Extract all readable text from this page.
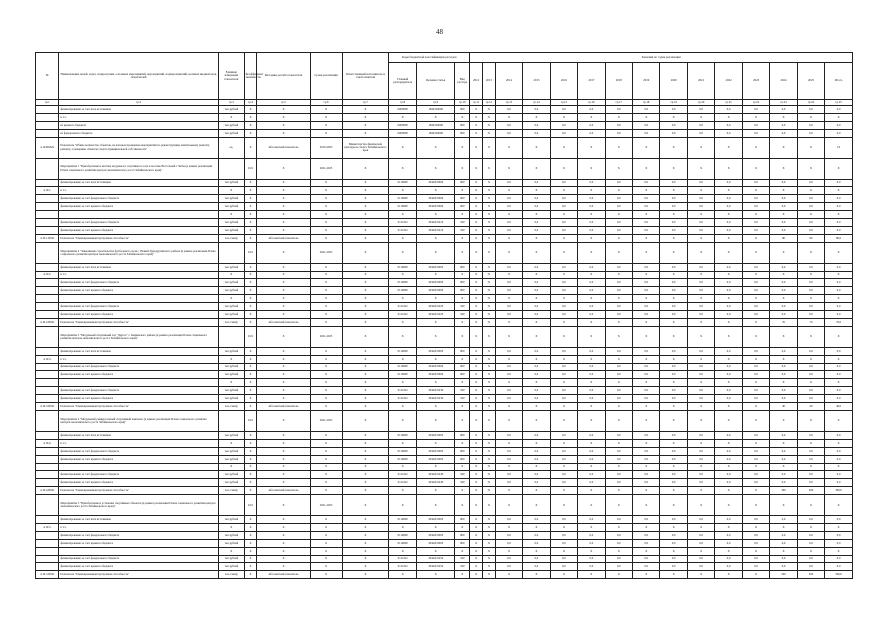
48
№	Наименование целей, задач, подпрограмм, основных мероприятий, мероприятий, подмероприятий, целевых индикаторов, показателей	Единица измерения показателя	Коэффициент значимости	Методика расчёта показателя	Сроки реализации	Ответственный исполнитель и соисполнители	Коды бюджетной классификации расходов			Значения по годам реализации														
							Главный распорядитель	Целевая статья	Вид расхода	2012	2013	2014	2015	2016	2017	2018	2019	2020	2021	2022	2023	2024	2025	Итого
гр.1	гр.2	гр.3	гр.4	гр.5	гр.6	гр.7	гр.8	гр.9	гр.10	гр.11	гр.12	гр.13	гр.14	гр.15	гр.16	гр.17	гр.18	гр.19	гр.20	гр.21	гр.22	гр.23	гр.24	гр.25
	финансирование за счет всех источников	тыс.рублей	X	X	X	X	0000000	1842520000	000	X	X	0,0	0,0	0,0	0,0	0,0	0,0	0,0	0,0	0,0	0,0	0,0	0,0	0,0
	в т.ч.	X	X	X	X	X	X	X	X	X	X	X	X	X	X	X	X	X	X	X	X	X	X	X
	из краевого бюджета	тыс.рублей	X	X	X	X	0000000	1842520000	000	X	X	0,0	0,0	0,0	0,0	0,0	0,0	0,0	0,0	0,0	0,0	0,0	0,0	0,0
	из федерального бюджета	тыс.рублей	X	X	X	X	0000000	1842520000	000	X	X	0,0	0,0	0,0	0,0	0,0	0,0	0,0	0,0	0,0	0,0	0,0	0,0	0,0
4.19.ПОМ1	Показатель "Общее количество объектов, на которых проведены мероприятия по реконструкции, капитальному ремонту, ремонту, оснащению объектов спорта муниципальной собственности"	ед.	X	Абсолютный показатель	2016-2025	Министерство физической культуры и спорта Забайкальского края	X	X	X	X	X	X	X	X	X	X	X	X	X	X	X	X	X	16
	Мероприятие 1 "Приобретение и монтаж модульного спортивного зала в поселке Восточный г. Читы (в рамках реализации Плана социального развития центров экономического роста Забайкальского края)"		0,01	X	2021-2025	X	X	X	X	X	X	X	X	X	X	X	X	X	X	X	X	X	X	X
	финансирование за счет всех источников	тыс.рублей	X	X	X	X	0110000	18422C0000	000	X	X	0,0	0,0	0,0	0,0	0,0	0,0	0,0	0,0	0,0	0,0	0,0	0,0	0,0
4.19.1.	в т.ч.	X	X	X	X	X	X	X	X	X	X	X	X	X	X	X	X	X	X	X	X	X	X	X
	финансирование за счет федерального бюджета	тыс.рублей	X	X	X	X	0110000	18422C0000	000	X	X	0,0	0,0	0,0	0,0	0,0	0,0	0,0	0,0	0,0	0,0	0,0	0,0	0,0
	финансирование за счет краевого бюджета	тыс.рублей	X	X	X	X	0110000	18422C0000	000	X	X	0,0	0,0	0,0	0,0	0,0	0,0	0,0	0,0	0,0	0,0	0,0	0,0	0,0
		X	X	X	X	X	X	X	X	X	X	X	X	X	X	X	X	X	X	X	X	X	X	X
	финансирование за счет федерального бюджета	тыс.рублей	X	X	X	X	0111102	18422C0210	540	X	X	0,0	0,0	0,0	0,0	0,0	0,0	0,0	0,0	0,0	0,0	0,0	0,0	0,0
	финансирование за счет краевого бюджета	тыс.рублей	X	X	X	X	0111102	18422C0210	540	X	X	0,0	0,0	0,0	0,0	0,0	0,0	0,0	0,0	0,0	0,0	0,0	0,0	0,0
4.19.1.ПМ1	Показатель "Единовременная пропускная способность"	чел./смену	X	Абсолютный показатель	X	X	X	X	X	X	X	X	X	X	X	X	X	X	X	X	X	80	80	80,0
	Мероприятие 2 "Завершение строительства футбольного поля с. Новый Дульдургинского района (в рамках реализации Плана социального развития центров экономического роста Забайкальского края)"		0,01	X	2021-2025	X	X	X	X	X	X	X	X	X	X	X	X	X	X	X	X	X	X	X
	финансирование за счет всех источников	тыс.рублей	X	X	X	X	0110000	18422C0000	000	X	X	0,0	0,0	0,0	0,0	0,0	0,0	0,0	0,0	0,0	0,0	0,0	0,0	0,0
4.19.2.	в т.ч.	X	X	X	X	X	X	X	X	X	X	X	X	X	X	X	X	X	X	X	X	X	X	X
	финансирование за счет федерального бюджета	тыс.рублей	X	X	X	X	0110000	18422C0000	000	X	X	0,0	0,0	0,0	0,0	0,0	0,0	0,0	0,0	0,0	0,0	0,0	0,0	0,0
	финансирование за счет краевого бюджета	тыс.рублей	X	X	X	X	0110000	18422C0000	000	X	X	0,0	0,0	0,0	0,0	0,0	0,0	0,0	0,0	0,0	0,0	0,0	0,0	0,0
		X	X	X	X	X	X	X	X	X	X	X	X	X	X	X	X	X	X	X	X	X	X	X
	финансирование за счет федерального бюджета	тыс.рублей	X	X	X	X	0111102	18422C0220	540	X	X	0,0	0,0	0,0	0,0	0,0	0,0	0,0	0,0	0,0	0,0	0,0	0,0	0,0
	финансирование за счет краевого бюджета	тыс.рублей	X	X	X	X	0111102	18422C0220	540	X	X	0,0	0,0	0,0	0,0	0,0	0,0	0,0	0,0	0,0	0,0	0,0	0,0	0,0
4.19.2.ПМ1	Показатель "Единовременная пропускная способность"	чел./смену	X	Абсолютный показатель	X	X	X	X	X	X	X	X	X	X	X	X	X	X	X	X	X	70	70	70,0
	Мероприятие 3 "Модульный спортивный зал "Другое" с. Кыринского района (в рамках реализации Плана социального развития центров экономического роста Забайкальского края)"		0,01	X	2021-2025	X	X	X	X	X	X	X	X	X	X	X	X	X	X	X	X	X	X	X
	финансирование за счет всех источников	тыс.рублей	X	X	X	X	0110000	18422C0000	000	X	X	0,0	0,0	0,0	0,0	0,0	0,0	0,0	0,0	0,0	0,0	0,0	0,0	0,0
4.19.3.	в т.ч.	X	X	X	X	X	X	X	X	X	X	X	X	X	X	X	X	X	X	X	X	X	X	X
	финансирование за счет федерального бюджета	тыс.рублей	X	X	X	X	0110000	18422C0000	000	X	X	0,0	0,0	0,0	0,0	0,0	0,0	0,0	0,0	0,0	0,0	0,0	0,0	0,0
	финансирование за счет краевого бюджета	тыс.рублей	X	X	X	X	0110000	18422C0000	000	X	X	0,0	0,0	0,0	0,0	0,0	0,0	0,0	0,0	0,0	0,0	0,0	0,0	0,0
		X	X	X	X	X	X	X	X	X	X	X	X	X	X	X	X	X	X	X	X	X	X	X
	финансирование за счет федерального бюджета	тыс.рублей	X	X	X	X	0111102	18422C0230	540	X	X	0,0	0,0	0,0	0,0	0,0	0,0	0,0	0,0	0,0	0,0	0,0	0,0	0,0
	финансирование за счет краевого бюджета	тыс.рублей	X	X	X	X	0111102	18422C0230	540	X	X	0,0	0,0	0,0	0,0	0,0	0,0	0,0	0,0	0,0	0,0	0,0	0,0	0,0
4.19.3.ПМ1	Показатель "Единовременная пропускная способность"	чел./смену	X	Абсолютный показатель	X	X	X	X	X	X	X	X	X	X	X	X	X	X	X	X	X	40	40	40,0
	Мероприятие 4 "Модульный универсальный спортивный комплекс (в рамках реализации Плана социального развития центров экономического роста Забайкальского края)"		0,01	X	2021-2025	X	X	X	X	X	X	X	X	X	X	X	X	X	X	X	X	X	X	X
	финансирование за счет всех источников	тыс.рублей	X	X	X	X	0110000	18422C0000	000	X	X	0,0	0,0	0,0	0,0	0,0	0,0	0,0	0,0	0,0	0,0	0,0	0,0	0,0
4.19.4.	в т.ч.	X	X	X	X	X	X	X	X	X	X	X	X	X	X	X	X	X	X	X	X	X	X	X
	финансирование за счет федерального бюджета	тыс.рублей	X	X	X	X	0110000	18422C0000	000	X	X	0,0	0,0	0,0	0,0	0,0	0,0	0,0	0,0	0,0	0,0	0,0	0,0	0,0
	финансирование за счет краевого бюджета	тыс.рублей	X	X	X	X	0110000	18422C0000	000	X	X	0,0	0,0	0,0	0,0	0,0	0,0	0,0	0,0	0,0	0,0	0,0	0,0	0,0
		X	X	X	X	X	X	X	X	X	X	X	X	X	X	X	X	X	X	X	X	X	X	X
	финансирование за счет федерального бюджета	тыс.рублей	X	X	X	X	0111102	18422C0240	540	X	X	0,0	0,0	0,0	0,0	0,0	0,0	0,0	0,0	0,0	0,0	0,0	0,0	0,0
	финансирование за счет краевого бюджета	тыс.рублей	X	X	X	X	0111102	18422C0240	540	X	X	0,0	0,0	0,0	0,0	0,0	0,0	0,0	0,0	0,0	0,0	0,0	0,0	0,0
4.19.4.ПМ1	Показатель "Единовременная пропускная способность"	чел./смену	X	Абсолютный показатель	X	X	X	X	X	X	X	X	X	X	X	X	X	X	X	X	X	300	300	300,0
	Мероприятие 5 "Приобретение и установка спортивных объектов (в рамках реализации Плана социального развития центров экономического роста Забайкальского края)"		0,01	X	2021-2025	X	X	X	X	X	X	X	X	X	X	X	X	X	X	X	X	X	X	X
	финансирование за счет всех источников	тыс.рублей	X	X	X	X	0110000	18422C0000	000	X	X	0,0	0,0	0,0	0,0	0,0	0,0	0,0	0,0	0,0	0,0	0,0	0,0	0,0
4.19.5.	в т.ч.	X	X	X	X	X	X	X	X	X	X	X	X	X	X	X	X	X	X	X	X	X	X	X
	финансирование за счет федерального бюджета	тыс.рублей	X	X	X	X	0110000	18422C0000	000	X	X	0,0	0,0	0,0	0,0	0,0	0,0	0,0	0,0	0,0	0,0	0,0	0,0	0,0
	финансирование за счет краевого бюджета	тыс.рублей	X	X	X	X	0110000	18422C0000	000	X	X	0,0	0,0	0,0	0,0	0,0	0,0	0,0	0,0	0,0	0,0	0,0	0,0	0,0
		X	X	X	X	X	X	X	X	X	X	X	X	X	X	X	X	X	X	X	X	X	X	X
	финансирование за счет федерального бюджета	тыс.рублей	X	X	X	X	0111102	18422C0250	540	X	X	0,0	0,0	0,0	0,0	0,0	0,0	0,0	0,0	0,0	0,0	0,0	0,0	0,0
	финансирование за счет краевого бюджета	тыс.рублей	X	X	X	X	0111102	18422C0250	540	X	X	0,0	0,0	0,0	0,0	0,0	0,0	0,0	0,0	0,0	0,0	0,0	0,0	0,0
4.19.5.ПМ1	Показатель "Единовременная пропускная способность"	чел./смену	X	Абсолютный показатель	X	X	X	X	X	X	X	X	X	X	X	X	X	X	X	X	X	500	500	500,0
